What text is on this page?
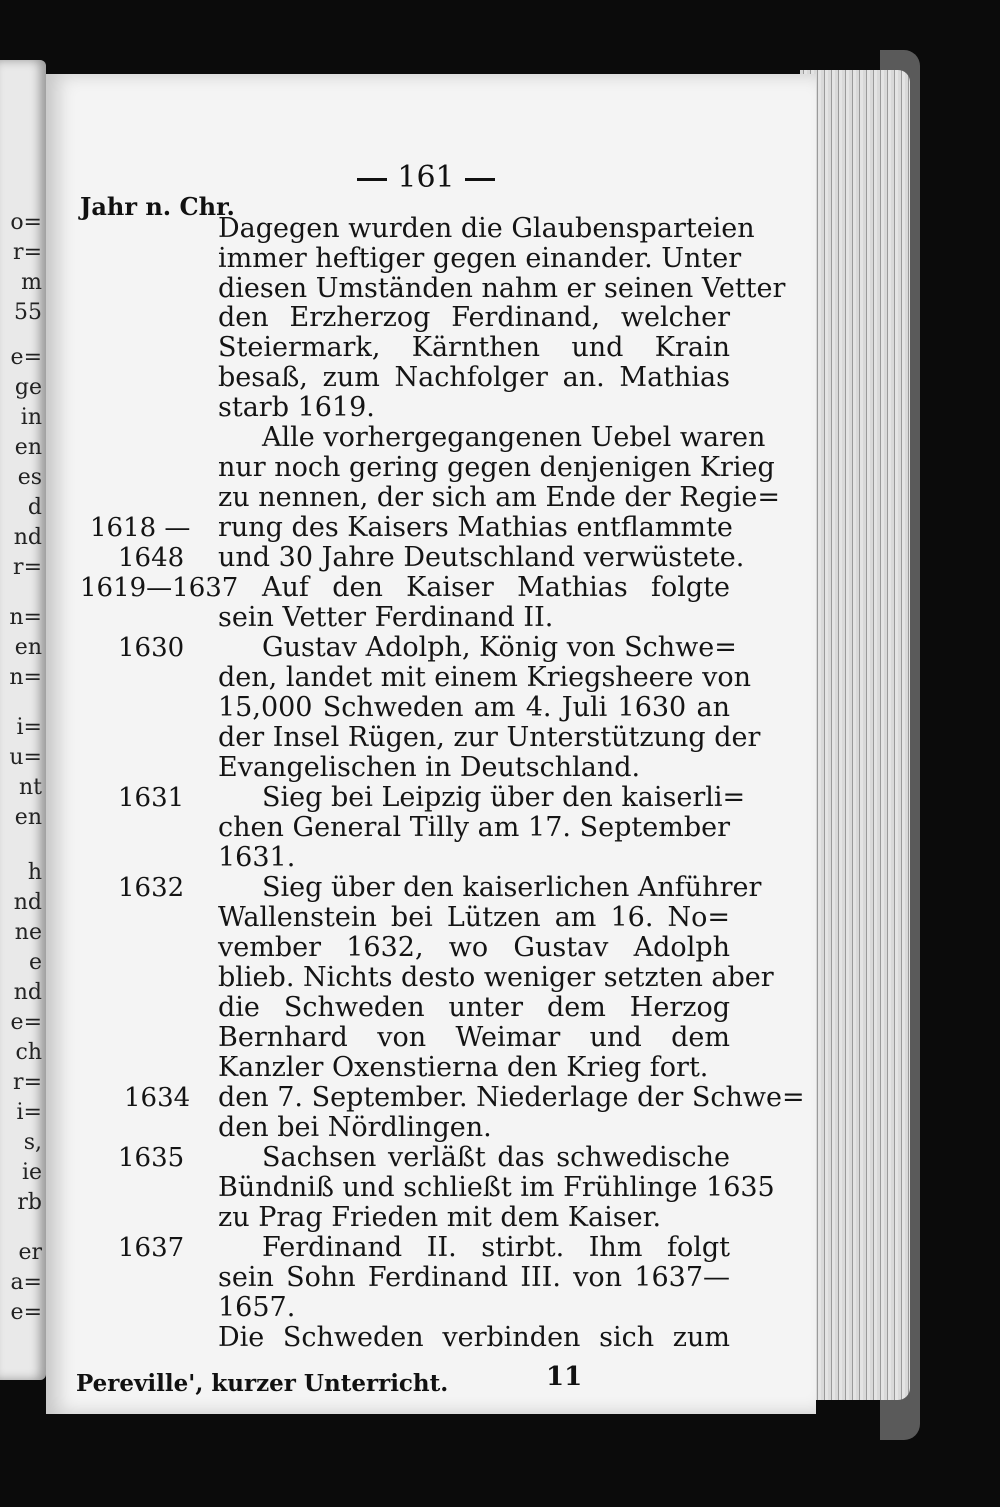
o=
r=
m
55
e=
ge
in
en
es
d
nd
r=
n=
en
n=
i=
u=
nt
en
h
nd
ne
e
nd
e=
ch
r=
i=
s,
ie
rb
er
a=
e=
161
Jahr n. Chr.
Dagegen wurden die Glaubensparteien
immer heftiger gegen einander. Unter
diesen Umständen nahm er seinen Vetter
den Erzherzog Ferdinand, welcher
Steiermark, Kärnthen und Krain
besaß, zum Nachfolger an. Mathias
starb 1619.
Alle vorhergegangenen Uebel waren
nur noch gering gegen denjenigen Krieg
zu nennen, der sich am Ende der Regie=
rung des Kaisers Mathias entflammte
und 30 Jahre Deutschland verwüstete.
Auf den Kaiser Mathias folgte
sein Vetter Ferdinand II.
Gustav Adolph, König von Schwe=
den, landet mit einem Kriegsheere von
15,000 Schweden am 4. Juli 1630 an
der Insel Rügen, zur Unterstützung der
Evangelischen in Deutschland.
Sieg bei Leipzig über den kaiserli=
chen General Tilly am 17. September
1631.
Sieg über den kaiserlichen Anführer
Wallenstein bei Lützen am 16. No=
vember 1632, wo Gustav Adolph
blieb. Nichts desto weniger setzten aber
die Schweden unter dem Herzog
Bernhard von Weimar und dem
Kanzler Oxenstierna den Krieg fort.
den 7. September. Niederlage der Schwe=
den bei Nördlingen.
Sachsen verläßt das schwedische
Bündniß und schließt im Frühlinge 1635
zu Prag Frieden mit dem Kaiser.
Ferdinand II. stirbt. Ihm folgt
sein Sohn Ferdinand III. von 1637—
1657.
Die Schweden verbinden sich zum
1618 —
1648
1619—1637
1630
1631
1632
1634
1635
1637
Pereville', kurzer Unterricht.	11
